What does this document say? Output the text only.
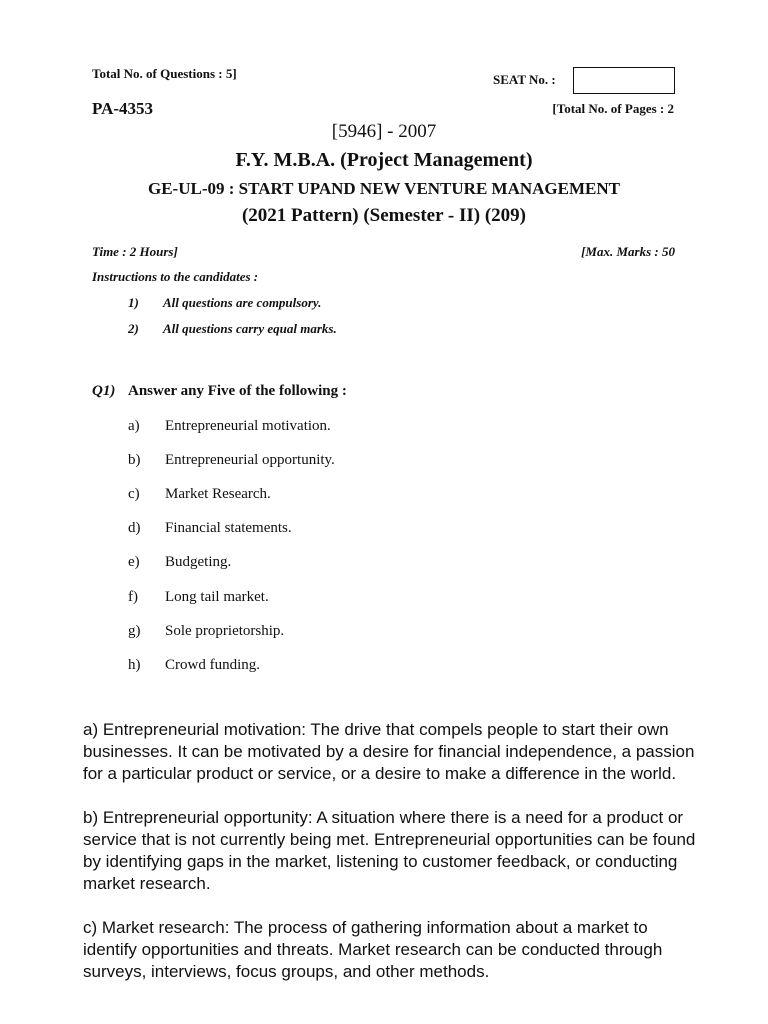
Total No. of Questions : 5]	SEAT No. :
PA-4353	[Total No. of Pages : 2
[5946] - 2007
F.Y. M.B.A. (Project Management)
GE-UL-09 : START UPAND NEW VENTURE MANAGEMENT
(2021 Pattern) (Semester - II) (209)
Time : 2 Hours]	[Max. Marks : 50
Instructions to the candidates :
1) All questions are compulsory.
2) All questions carry equal marks.
Q1) Answer any Five of the following :
a) Entrepreneurial motivation.
b) Entrepreneurial opportunity.
c) Market Research.
d) Financial statements.
e) Budgeting.
f) Long tail market.
g) Sole proprietorship.
h) Crowd funding.

a) Entrepreneurial motivation: The drive that compels people to start their own businesses. It can be motivated by a desire for financial independence, a passion for a particular product or service, or a desire to make a difference in the world.

b) Entrepreneurial opportunity: A situation where there is a need for a product or service that is not currently being met. Entrepreneurial opportunities can be found by identifying gaps in the market, listening to customer feedback, or conducting market research.

c) Market research: The process of gathering information about a market to identify opportunities and threats. Market research can be conducted through surveys, interviews, focus groups, and other methods.
